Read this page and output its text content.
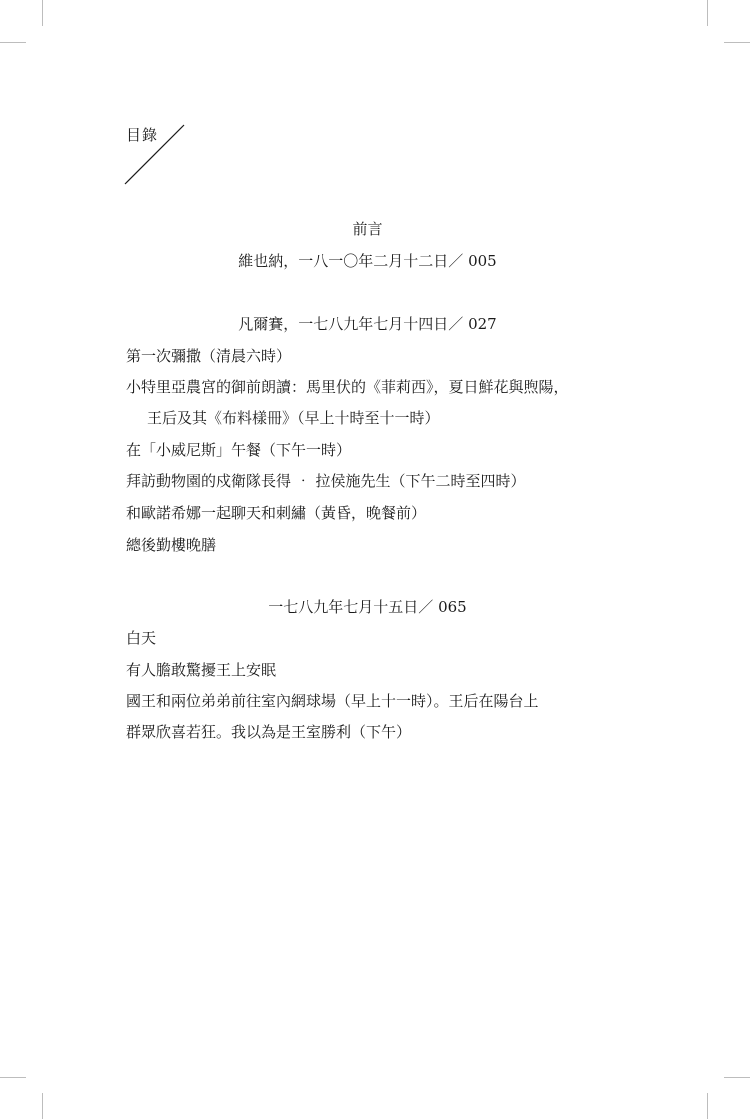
目錄
前言
維也納，一八一〇年二月十二日／ 005
凡爾賽，一七八九年七月十四日／ 027
第一次彌撒（清晨六時）
小特里亞農宮的御前朗讀：馬里伏的《菲莉西》，夏日鮮花與煦陽，
王后及其《布料樣冊》（早上十時至十一時）
在「小威尼斯」午餐（下午一時）
拜訪動物園的戍衛隊長得 ‧ 拉侯施先生（下午二時至四時）
和歐諾希娜一起聊天和刺繡（黃昏，晚餐前）
總後勤樓晚膳
一七八九年七月十五日／ 065
白天
有人膽敢驚擾王上安眠
國王和兩位弟弟前往室內網球場（早上十一時）。王后在陽台上
群眾欣喜若狂。我以為是王室勝利（下午）
